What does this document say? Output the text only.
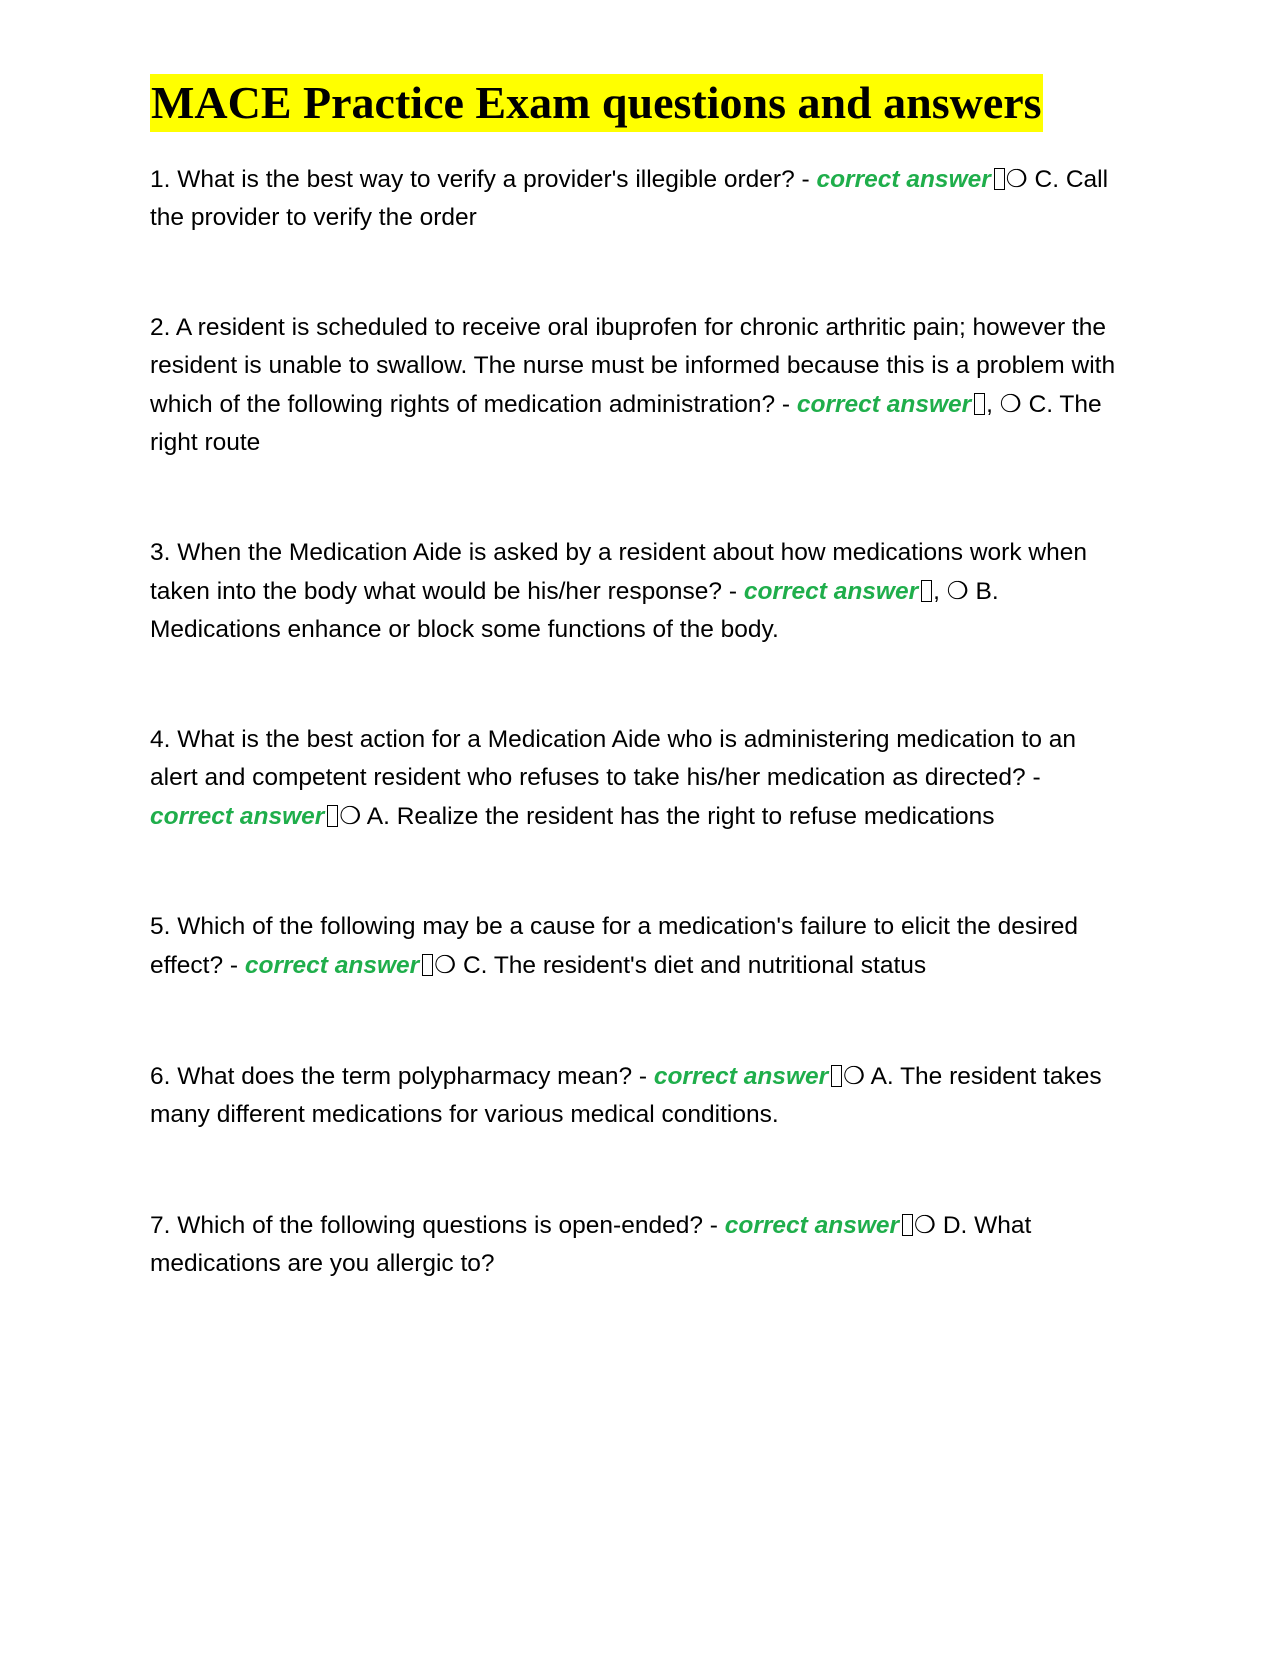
MACE Practice Exam questions and answers

1. What is the best way to verify a provider's illegible order? - correct answer ❍ C. Call the provider to verify the order

2. A resident is scheduled to receive oral ibuprofen for chronic arthritic pain; however the resident is unable to swallow. The nurse must be informed because this is a problem with which of the following rights of medication administration? - correct answer , ❍ C. The right route

3. When the Medication Aide is asked by a resident about how medications work when taken into the body what would be his/her response? - correct answer , ❍ B. Medications enhance or block some functions of the body.

4. What is the best action for a Medication Aide who is administering medication to an alert and competent resident who refuses to take his/her medication as directed? - correct answer ❍ A. Realize the resident has the right to refuse medications

5. Which of the following may be a cause for a medication's failure to elicit the desired effect? - correct answer ❍ C. The resident's diet and nutritional status

6. What does the term polypharmacy mean? - correct answer ❍ A. The resident takes many different medications for various medical conditions.

7. Which of the following questions is open-ended? - correct answer ❍ D. What medications are you allergic to?
